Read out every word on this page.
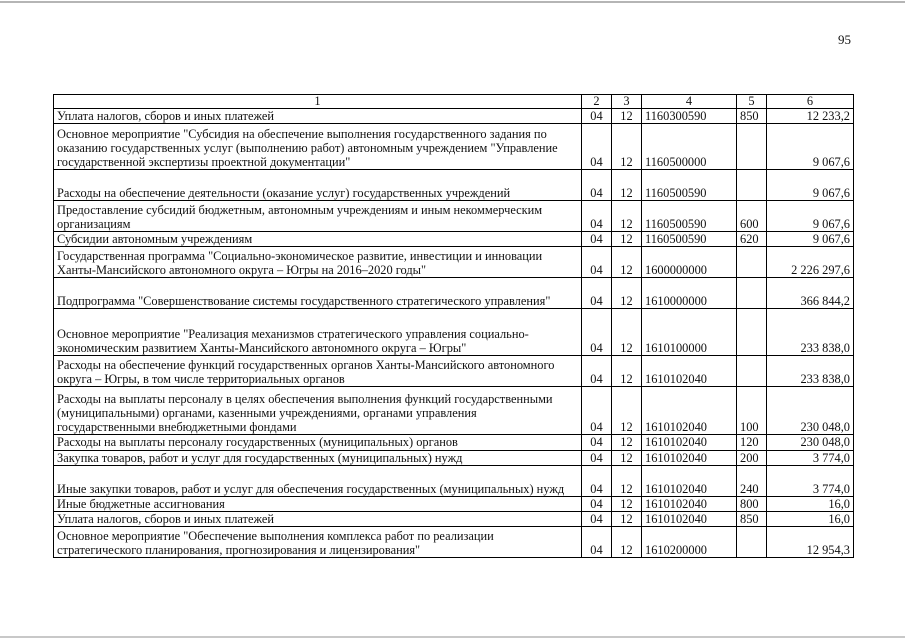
95
1	2	3	4	5	6
Уплата налогов, сборов и иных платежей	04	12	1160300590	850	12 233,2
Основное мероприятие "Субсидия на обеспечение выполнения государственного задания по оказанию государственных услуг (выполнению работ) автономным учреждением "Управление государственной экспертизы проектной документации"	04	12	1160500000		9 067,6
Расходы на обеспечение деятельности (оказание услуг) государственных учреждений	04	12	1160500590		9 067,6
Предоставление субсидий бюджетным, автономным учреждениям и иным некоммерческим организациям	04	12	1160500590	600	9 067,6
Субсидии автономным учреждениям	04	12	1160500590	620	9 067,6
Государственная программа "Социально-экономическое развитие, инвестиции и инновации Ханты-Мансийского автономного округа – Югры на 2016–2020 годы"	04	12	1600000000		2 226 297,6
Подпрограмма "Совершенствование системы государственного стратегического управления"	04	12	1610000000		366 844,2
Основное мероприятие "Реализация механизмов стратегического управления социально-экономическим развитием Ханты-Мансийского автономного округа – Югры"	04	12	1610100000		233 838,0
Расходы на обеспечение функций государственных органов Ханты-Мансийского автономного округа – Югры, в том числе территориальных органов	04	12	1610102040		233 838,0
Расходы на выплаты персоналу в целях обеспечения выполнения функций государственными (муниципальными) органами, казенными учреждениями, органами управления государственными внебюджетными фондами	04	12	1610102040	100	230 048,0
Расходы на выплаты персоналу государственных (муниципальных) органов	04	12	1610102040	120	230 048,0
Закупка товаров, работ и услуг для государственных (муниципальных) нужд	04	12	1610102040	200	3 774,0
Иные закупки товаров, работ и услуг для обеспечения государственных (муниципальных) нужд	04	12	1610102040	240	3 774,0
Иные бюджетные ассигнования	04	12	1610102040	800	16,0
Уплата налогов, сборов и иных платежей	04	12	1610102040	850	16,0
Основное мероприятие "Обеспечение выполнения комплекса работ по реализации стратегического планирования, прогнозирования и лицензирования"	04	12	1610200000		12 954,3
